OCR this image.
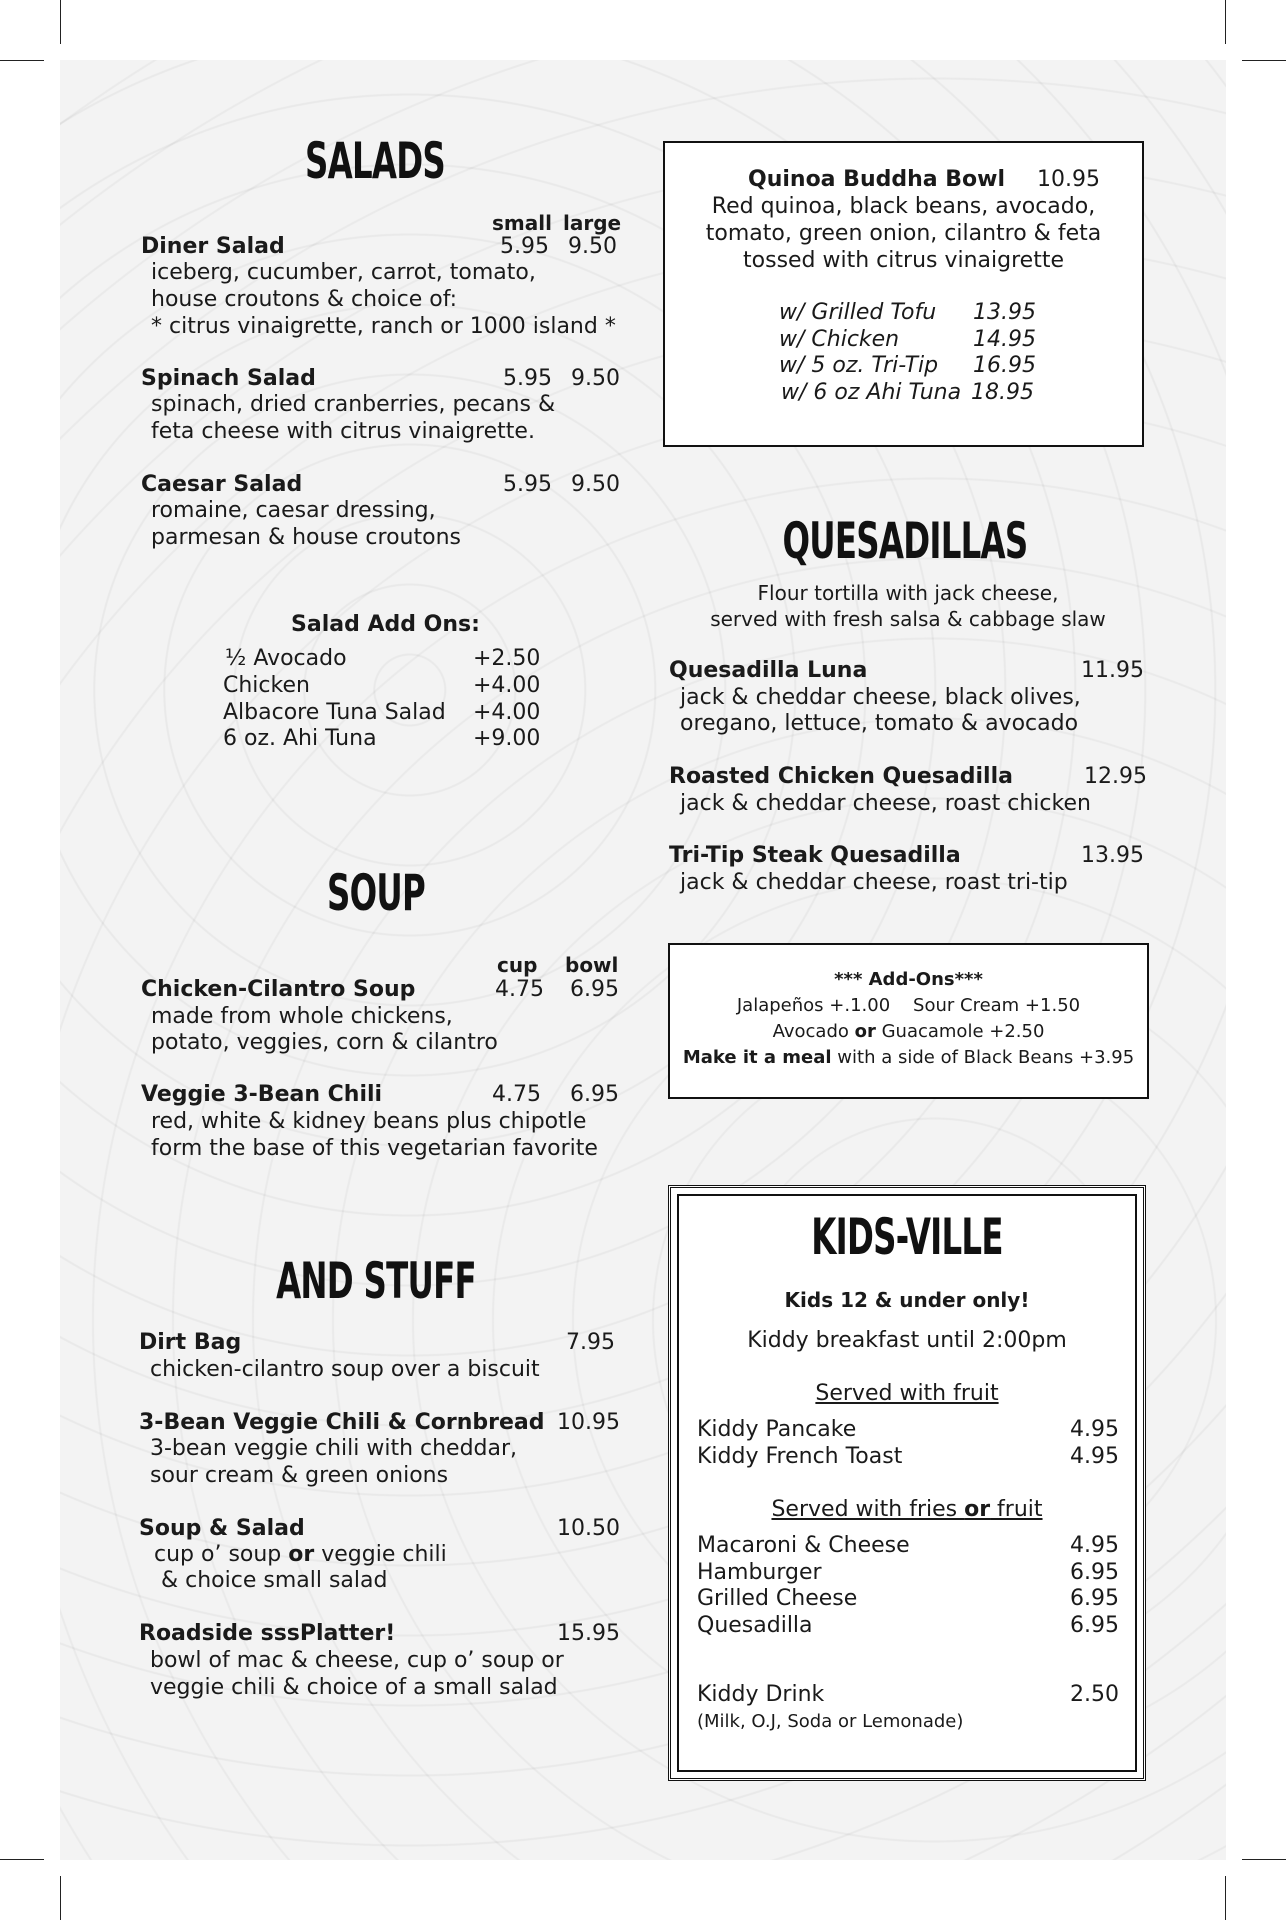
SALADS
small large
Diner Salad	5.95 9.50
iceberg, cucumber, carrot, tomato,
house croutons & choice of:
* citrus vinaigrette, ranch or 1000 island *
Spinach Salad	5.95 9.50
spinach, dried cranberries, pecans &
feta cheese with citrus vinaigrette.
Caesar Salad	5.95 9.50
romaine, caesar dressing,
parmesan & house croutons
Salad Add Ons:
½ Avocado	+2.50
Chicken	+4.00
Albacore Tuna Salad +4.00
6 oz. Ahi Tuna	+9.00
Quinoa Buddha Bowl 10.95
Red quinoa, black beans, avocado,
tomato, green onion, cilantro & feta
tossed with citrus vinaigrette
w/ Grilled Tofu 13.95
w/ Chicken	14.95
w/ 5 oz. Tri-Tip 16.95
w/ 6 oz Ahi Tuna 18.95
QUESADILLAS
Flour tortilla with jack cheese,
served with fresh salsa & cabbage slaw
Quesadilla Luna	11.95
jack & cheddar cheese, black olives,
oregano, lettuce, tomato & avocado
Roasted Chicken Quesadilla	12.95
jack & cheddar cheese, roast chicken
Tri-Tip Steak Quesadilla	13.95
jack & cheddar cheese, roast tri-tip
*** Add-Ons***
Jalapeños +.1.00    Sour Cream +1.50
Avocado or Guacamole +2.50
Make it a meal with a side of Black Beans +3.95
SOUP
cup bowl
Chicken-Cilantro Soup	4.75 6.95
made from whole chickens,
potato, veggies, corn & cilantro
Veggie 3-Bean Chili	4.75 6.95
red, white & kidney beans plus chipotle
form the base of this vegetarian favorite
AND STUFF
Dirt Bag	7.95
chicken-cilantro soup over a biscuit
3-Bean Veggie Chili & Cornbread 10.95
3-bean veggie chili with cheddar,
sour cream & green onions
Soup & Salad	10.50
cup o’ soup or veggie chili
& choice small salad
Roadside sssPlatter!	15.95
bowl of mac & cheese, cup o’ soup or
veggie chili & choice of a small salad
KIDS-VILLE
Kids 12 & under only!
Kiddy breakfast until 2:00pm
Served with fruit
Kiddy Pancake	4.95
Kiddy French Toast	4.95
Served with fries or fruit
Macaroni & Cheese	4.95
Hamburger	6.95
Grilled Cheese	6.95
Quesadilla	6.95
Kiddy Drink	2.50
(Milk, O.J, Soda or Lemonade)
